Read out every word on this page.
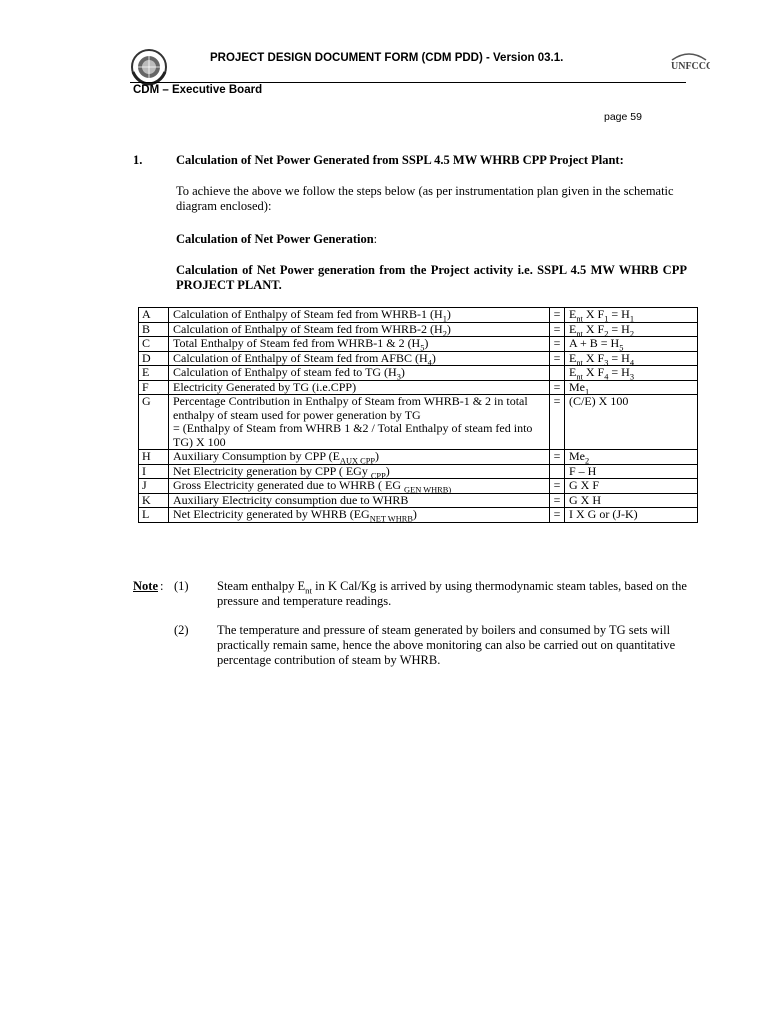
PROJECT DESIGN DOCUMENT FORM (CDM PDD) - Version 03.1.
UNFCCC
CDM – Executive Board
page 59
1.	Calculation of Net Power Generated from SSPL 4.5 MW WHRB CPP Project Plant:
To achieve the above we follow the steps below (as per instrumentation plan given in the schematic diagram enclosed):
Calculation of Net Power Generation:
Calculation of Net Power generation from the Project activity i.e. SSPL 4.5 MW WHRB CPP PROJECT PLANT.
A	Calculation of Enthalpy of Steam fed from WHRB-1 $(H_1)$	=	$E_{nt}$ X $F_1 = H_1$
B	Calculation of Enthalpy of Steam fed from WHRB-2 $(H_2)$	=	$E_{nt}$ X $F_2 = H_2$
C	Total Enthalpy of Steam fed from WHRB-1 & 2 $(H_5)$	=	$A + B = H_5$
D	Calculation of Enthalpy of Steam fed from AFBC $(H_4)$	=	$E_{nt}$ X $F_3 = H_4$
E	Calculation of Enthalpy of steam fed to TG $(H_3)$		$E_{nt}$ X $F_4 = H_3$
F	Electricity Generated by TG (i.e.CPP)	=	$Me_1$
G	Percentage Contribution in Enthalpy of Steam from WHRB-1 & 2 in total enthalpy of steam used for power generation by TG
= (Enthalpy of Steam from WHRB 1 &2 / Total Enthalpy of steam fed into TG) X 100	=	(C/E) X 100
H	Auxiliary Consumption by CPP $(E_{AUX CPP})$	=	$Me_2$
I	Net Electricity generation by CPP ( EGy $_{CPP}$)		F – H
J	Gross Electricity generated due to WHRB ( EG $_{GEN WHRB)}$	=	G X F
K	Auxiliary Electricity consumption due to WHRB	=	G X H
L	Net Electricity generated by WHRB $(EG_{NET WHRB})$	=	I X G or (J-K)
Note : (1) Steam enthalpy $E_{nt}$ in K Cal/Kg is arrived by using thermodynamic steam tables, based on the pressure and temperature readings.
(2) The temperature and pressure of steam generated by boilers and consumed by TG sets will practically remain same, hence the above monitoring can also be carried out on quantitative percentage contribution of steam by WHRB.
